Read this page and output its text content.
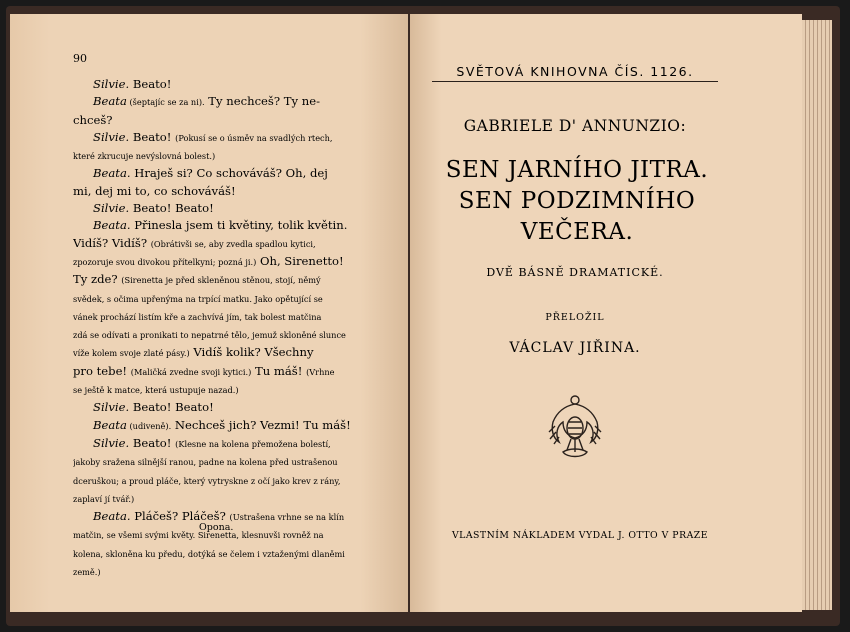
90
Silvie. Beato!
Beata (šeptajíc se za ni). Ty nechceš? Ty ne-
chceš?
Silvie. Beato! (Pokusí se o úsměv na svadlých rtech,
které zkrucuje nevýslovná bolest.)
Beata. Hraješ si? Co schováváš? Oh, dej
mi, dej mi to, co schováváš!
Silvie. Beato! Beato!
Beata. Přinesla jsem ti květiny, tolik květin.
Vidíš? Vidíš? (Obrátivši se, aby zvedla spadlou kytici,
zpozoruje svou divokou přítelkyni; pozná ji.) Oh, Sirenetto!
Ty zde? (Sirenetta je před skleněnou stěnou, stojí, němý
svědek, s očima upřenýma na trpící matku. Jako opětující se
vánek prochází listím kře a zachvívá jím, tak bolest matčina
zdá se odívati a pronikati to nepatrné tělo, jemuž skloněné slunce
víže kolem svoje zlaté pásy.) Vidíš kolik? Všechny
pro tebe! (Maličká zvedne svoji kytici.) Tu máš! (Vrhne
se ještě k matce, která ustupuje nazad.)
Silvie. Beato! Beato!
Beata (udiveně). Nechceš jich? Vezmi! Tu máš!
Silvie. Beato! (Klesne na kolena přemožena bolestí,
jakoby sražena silnější ranou, padne na kolena před ustrašenou
dceruškou; a proud pláče, který vytryskne z očí jako krev z rány,
zaplaví jí tvář.)
Beata. Pláčeš? Pláčeš? (Ustrašena vrhne se na klín
matčin, se všemi svými květy. Sirenetta, klesnuvši rovněž na
kolena, skloněna ku předu, dotýká se čelem i vztaženými dlaněmi
země.)
Opona.
SVĚTOVÁ KNIHOVNA ČÍS. 1126.
GABRIELE D' ANNUNZIO:
SEN JARNÍHO JITRA.
SEN PODZIMNÍHO
VEČERA.
DVĚ BÁSNĚ DRAMATICKÉ.
PŘELOŽIL
VÁCLAV JIŘINA.
VLASTNÍM NÁKLADEM VYDAL J. OTTO V PRAZE
